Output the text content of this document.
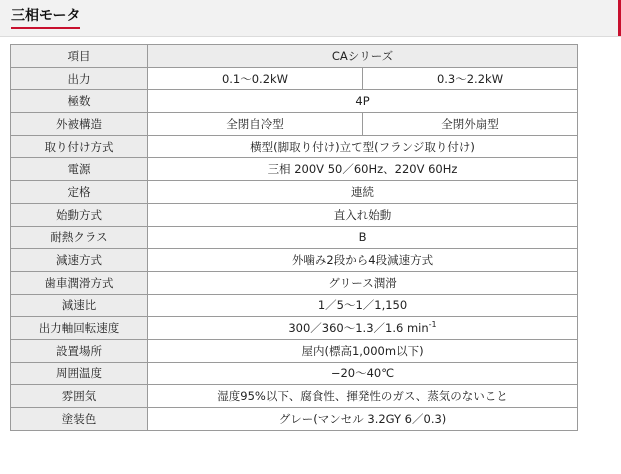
三相モータ
項目	CAシリーズ	
出力	0.1〜0.2kW	0.3〜2.2kW
極数	4P	
外被構造	全閉自冷型	全閉外扇型
取り付け方式	横型(脚取り付け)立て型(フランジ取り付け)	
電源	三相 200V 50／60Hz、220V 60Hz	
定格	連続	
始動方式	直入れ始動	
耐熱クラス	B	
減速方式	外噛み2段から4段減速方式	
歯車潤滑方式	グリース潤滑	
減速比	1／5〜1／1,150	
出力軸回転速度	300／360〜1.3／1.6 $\min^{-1}$
設置場所	屋内(標高1,000m以下)	
周囲温度	−20〜40℃	
雰囲気	湿度95%以下、腐食性、揮発性のガス、蒸気のないこと	
塗装色	グレー(マンセル 3.2GY 6／0.3)	
